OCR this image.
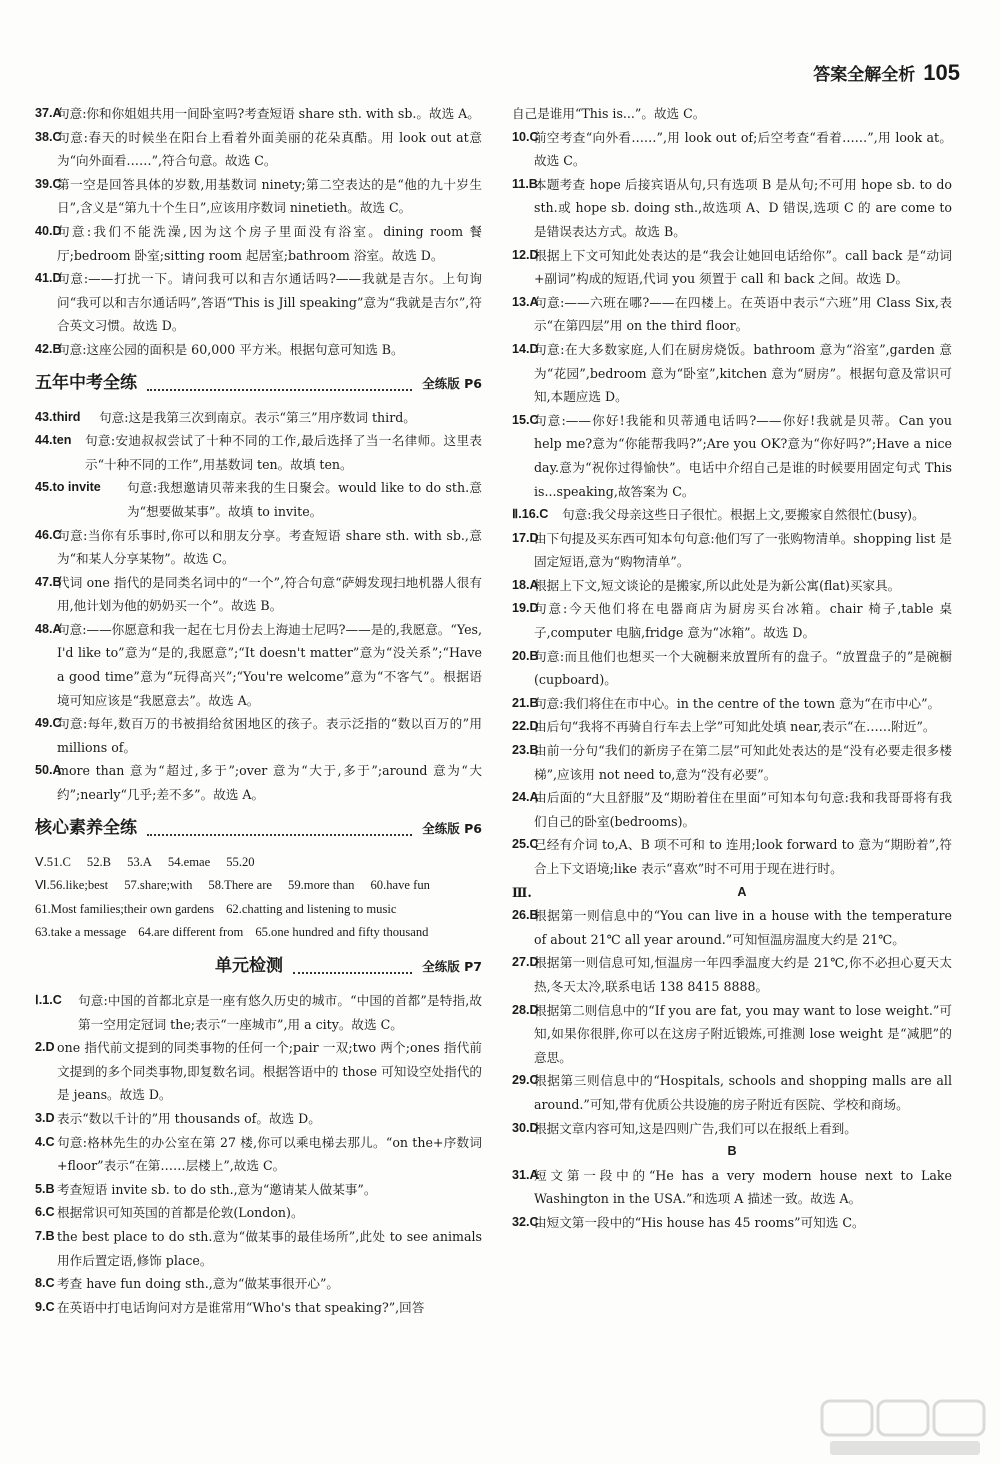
答案全解全析 105
37.A
句意:你和你姐姐共用一间卧室吗?考查短语 share sth. with sb.。故选 A。
38.C
句意:春天的时候坐在阳台上看着外面美丽的花朵真酷。用 look out at意为“向外面看……”,符合句意。故选 C。
39.C
第一空是回答具体的岁数,用基数词 ninety;第二空表达的是“他的九十岁生日”,含义是“第九十个生日”,应该用序数词 ninetieth。故选 C。
40.D
句意:我们不能洗澡,因为这个房子里面没有浴室。dining room 餐厅;bedroom 卧室;sitting room 起居室;bathroom 浴室。故选 D。
41.D
句意:——打扰一下。请问我可以和吉尔通话吗?——我就是吉尔。上句询问“我可以和吉尔通话吗”,答语“This is Jill speaking”意为“我就是吉尔”,符合英文习惯。故选 D。
42.B
句意:这座公园的面积是 60,000 平方米。根据句意可知选 B。
五年中考全练	全练版 P6
43.third 句意:这是我第三次到南京。表示“第三”用序数词 third。
44.ten 句意:安迪叔叔尝试了十种不同的工作,最后选择了当一名律师。这里表示“十种不同的工作”,用基数词 ten。故填 ten。
45.to invite 句意:我想邀请贝蒂来我的生日聚会。would like to do sth.意为“想要做某事”。故填 to invite。
46.C
句意:当你有乐事时,你可以和朋友分享。考查短语 share sth. with sb.,意为“和某人分享某物”。故选 C。
47.B
代词 one 指代的是同类名词中的“一个”,符合句意“萨姆发现扫地机器人很有用,他计划为他的奶奶买一个”。故选 B。
48.A
句意:——你愿意和我一起在七月份去上海迪士尼吗?——是的,我愿意。“Yes, I'd like to”意为“是的,我愿意”;“It doesn't matter”意为“没关系”;“Have a good time”意为“玩得高兴”;“You're welcome”意为“不客气”。根据语境可知应该是“我愿意去”。故选 A。
49.C
句意:每年,数百万的书被捐给贫困地区的孩子。表示泛指的“数以百万的”用 millions of。
50.A
more than 意为“超过,多于”;over 意为“大于,多于”;around 意为“大约”;nearly“几乎;差不多”。故选 A。
核心素养全练	全练版 P6
Ⅴ.51.C 52.B 53.A 54.emae 55.20
Ⅵ.56.like;best 57.share;with 58.There are 59.more than 60.have fun
61.Most families;their own gardens 62.chatting and listening to music
63.take a message 64.are different from 65.one hundred and fifty thousand
单元检测	全练版 P7
Ⅰ.1.C 句意:中国的首都北京是一座有悠久历史的城市。“中国的首都”是特指,故第一空用定冠词 the;表示“一座城市”,用 a city。故选 C。
2.D one 指代前文提到的同类事物的任何一个;pair 一双;two 两个;ones 指代前文提到的多个同类事物,即复数名词。根据答语中的 those 可知设空处指代的是 jeans。故选 D。
3.D 表示“数以千计的”用 thousands of。故选 D。
4.C 句意:格林先生的办公室在第 27 楼,你可以乘电梯去那儿。“on the+序数词+floor”表示“在第……层楼上”,故选 C。
5.B 考查短语 invite sb. to do sth.,意为“邀请某人做某事”。
6.C 根据常识可知英国的首都是伦敦(London)。
7.B the best place to do sth.意为“做某事的最佳场所”,此处 to see animals 用作后置定语,修饰 place。
8.C 考查 have fun doing sth.,意为“做某事很开心”。
9.C 在英语中打电话询问对方是谁常用“Who's that speaking?”,回答
自己是谁用“This is...”。故选 C。
10.C
前空考查“向外看……”,用 look out of;后空考查“看着……”,用 look at。故选 C。
11.B
本题考查 hope 后接宾语从句,只有选项 B 是从句;不可用 hope sb. to do sth.或 hope sb. doing sth.,故选项 A、D 错误,选项 C 的 are come to 是错误表达方式。故选 B。
12.D
根据上下文可知此处表达的是“我会让她回电话给你”。call back 是“动词+副词”构成的短语,代词 you 须置于 call 和 back 之间。故选 D。
13.A
句意:——六班在哪?——在四楼上。在英语中表示“六班”用 Class Six,表示“在第四层”用 on the third floor。
14.D
句意:在大多数家庭,人们在厨房烧饭。bathroom 意为“浴室”,garden 意为“花园”,bedroom 意为“卧室”,kitchen 意为“厨房”。根据句意及常识可知,本题应选 D。
15.C
句意:——你好!我能和贝蒂通电话吗?——你好!我就是贝蒂。Can you help me?意为“你能帮我吗?”;Are you OK?意为“你好吗?”;Have a nice day.意为“祝你过得愉快”。电话中介绍自己是谁的时候要用固定句式 This is...speaking,故答案为 C。
Ⅱ.16.C 句意:我父母亲这些日子很忙。根据上文,要搬家自然很忙(busy)。
17.D
由下句提及买东西可知本句句意:他们写了一张购物清单。shopping list 是固定短语,意为“购物清单”。
18.A
根据上下文,短文谈论的是搬家,所以此处是为新公寓(flat)买家具。
19.D
句意:今天他们将在电器商店为厨房买台冰箱。chair 椅子,table 桌子,computer 电脑,fridge 意为“冰箱”。故选 D。
20.B
句意:而且他们也想买一个大碗橱来放置所有的盘子。“放置盘子的”是碗橱(cupboard)。
21.B
句意:我们将住在市中心。in the centre of the town 意为“在市中心”。
22.D
由后句“我将不再骑自行车去上学”可知此处填 near,表示“在……附近”。
23.B
由前一分句“我们的新房子在第二层”可知此处表达的是“没有必要走很多楼梯”,应该用 not need to,意为“没有必要”。
24.A
由后面的“大且舒服”及“期盼着住在里面”可知本句句意:我和我哥哥将有我们自己的卧室(bedrooms)。
25.C
已经有介词 to,A、B 项不可和 to 连用;look forward to 意为“期盼着”,符合上下文语境;like 表示“喜欢”时不可用于现在进行时。
Ⅲ.	A
26.B
根据第一则信息中的“You can live in a house with the temperature of about 21℃ all year around.”可知恒温房温度大约是 21℃。
27.D
根据第一则信息可知,恒温房一年四季温度大约是 21℃,你不必担心夏天太热,冬天太冷,联系电话 138 8415 8888。
28.D
根据第二则信息中的“If you are fat, you may want to lose weight.”可知,如果你很胖,你可以在这房子附近锻炼,可推测 lose weight 是“减肥”的意思。
29.C
根据第三则信息中的“Hospitals, schools and shopping malls are all around.”可知,带有优质公共设施的房子附近有医院、学校和商场。
30.D
根据文章内容可知,这是四则广告,我们可以在报纸上看到。
B
31.A
短文第一段中的“He has a very modern house next to Lake Washington in the USA.”和选项 A 描述一致。故选 A。
32.C
由短文第一段中的“His house has 45 rooms”可知选 C。
